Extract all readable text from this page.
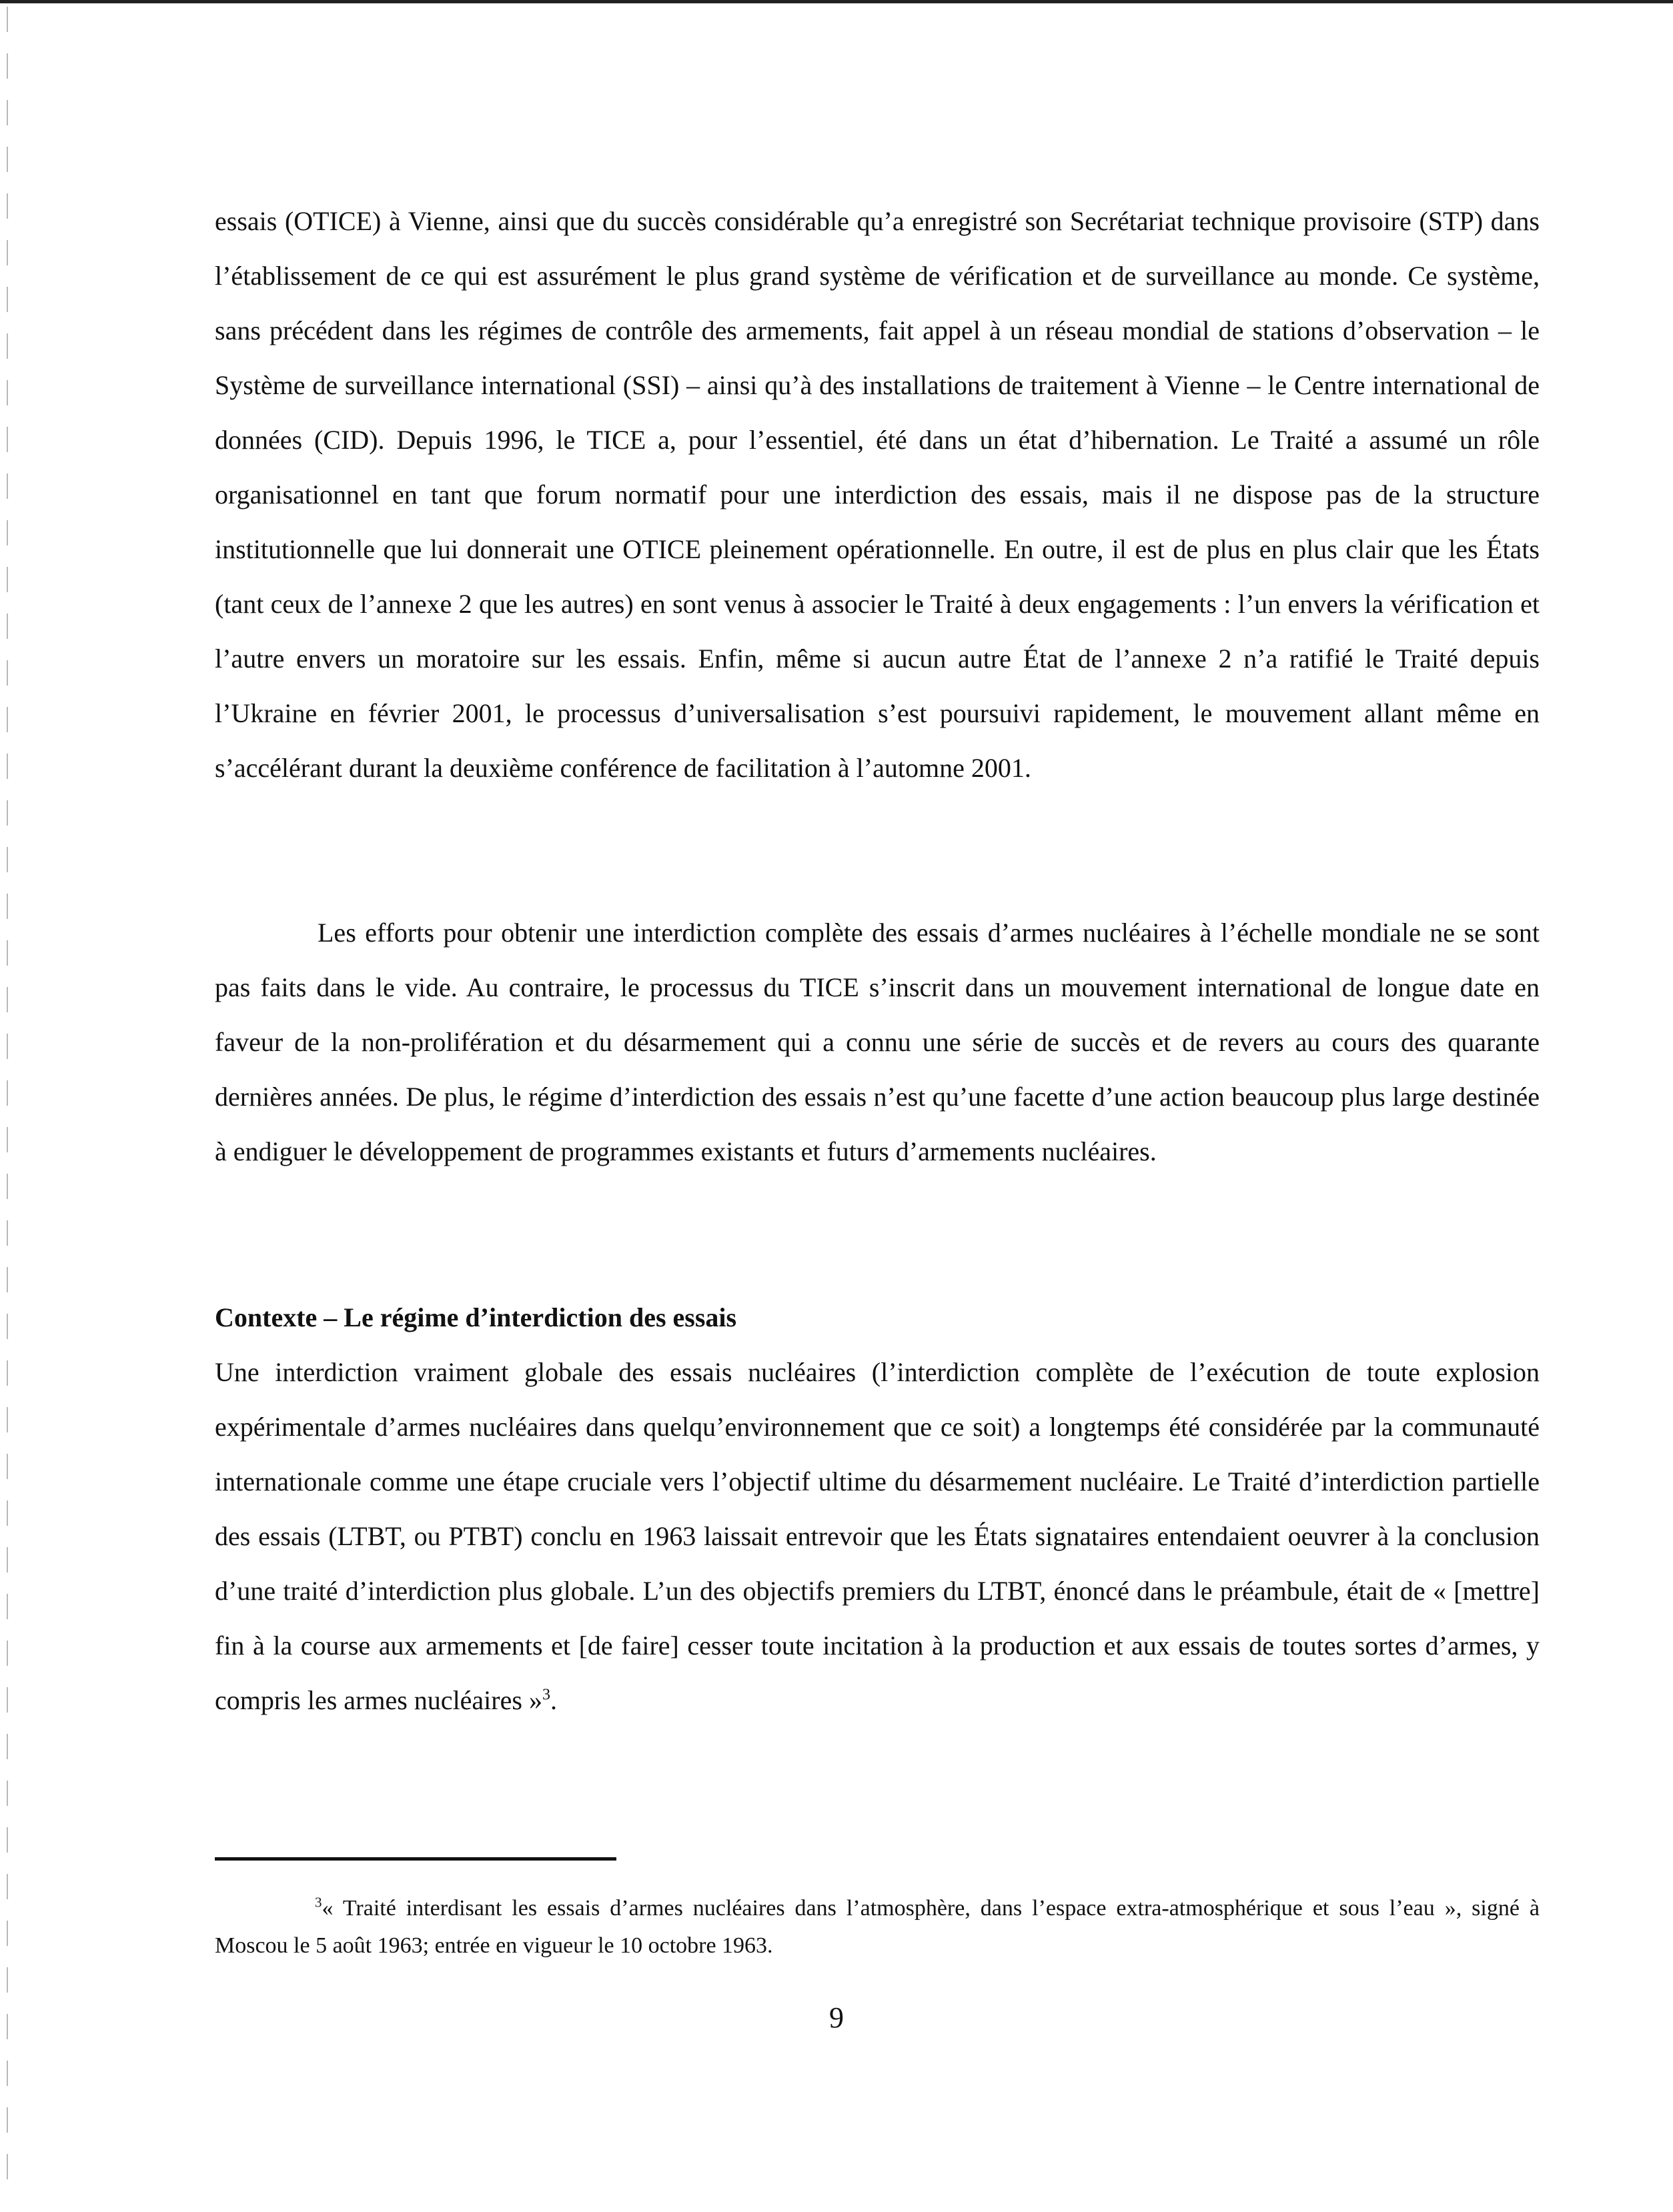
essais (OTICE) à Vienne, ainsi que du succès considérable qu’a enregistré son Secrétariat technique provisoire (STP) dans l’établissement de ce qui est assurément le plus grand système de vérification et de surveillance au monde. Ce système, sans précédent dans les régimes de contrôle des armements, fait appel à un réseau mondial de stations d’observation – le Système de surveillance international (SSI) – ainsi qu’à des installations de traitement à Vienne – le Centre international de données (CID). Depuis 1996, le TICE a, pour l’essentiel, été dans un état d’hibernation. Le Traité a assumé un rôle organisationnel en tant que forum normatif pour une interdiction des essais, mais il ne dispose pas de la structure institutionnelle que lui donnerait une OTICE pleinement opérationnelle. En outre, il est de plus en plus clair que les États (tant ceux de l’annexe 2 que les autres) en sont venus à associer le Traité à deux engagements : l’un envers la vérification et l’autre envers un moratoire sur les essais. Enfin, même si aucun autre État de l’annexe 2 n’a ratifié le Traité depuis l’Ukraine en février 2001, le processus d’universalisation s’est poursuivi rapidement, le mouvement allant même en s’accélérant durant la deuxième conférence de facilitation à l’automne 2001.

Les efforts pour obtenir une interdiction complète des essais d’armes nucléaires à l’échelle mondiale ne se sont pas faits dans le vide. Au contraire, le processus du TICE s’inscrit dans un mouvement international de longue date en faveur de la non-prolifération et du désarmement qui a connu une série de succès et de revers au cours des quarante dernières années. De plus, le régime d’interdiction des essais n’est qu’une facette d’une action beaucoup plus large destinée à endiguer le développement de programmes existants et futurs d’armements nucléaires.

Contexte – Le régime d’interdiction des essais

Une interdiction vraiment globale des essais nucléaires (l’interdiction complète de l’exécution de toute explosion expérimentale d’armes nucléaires dans quelqu’environnement que ce soit) a longtemps été considérée par la communauté internationale comme une étape cruciale vers l’objectif ultime du désarmement nucléaire. Le Traité d’interdiction partielle des essais (LTBT, ou PTBT) conclu en 1963 laissait entrevoir que les États signataires entendaient oeuvrer à la conclusion d’une traité d’interdiction plus globale. L’un des objectifs premiers du LTBT, énoncé dans le préambule, était de « [mettre] fin à la course aux armements et [de faire] cesser toute incitation à la production et aux essais de toutes sortes d’armes, y compris les armes nucléaires »$^3$.

$^3$« Traité interdisant les essais d’armes nucléaires dans l’atmosphère, dans l’espace extra-atmosphérique et sous l’eau », signé à Moscou le 5 août 1963; entrée en vigueur le 10 octobre 1963.

9
